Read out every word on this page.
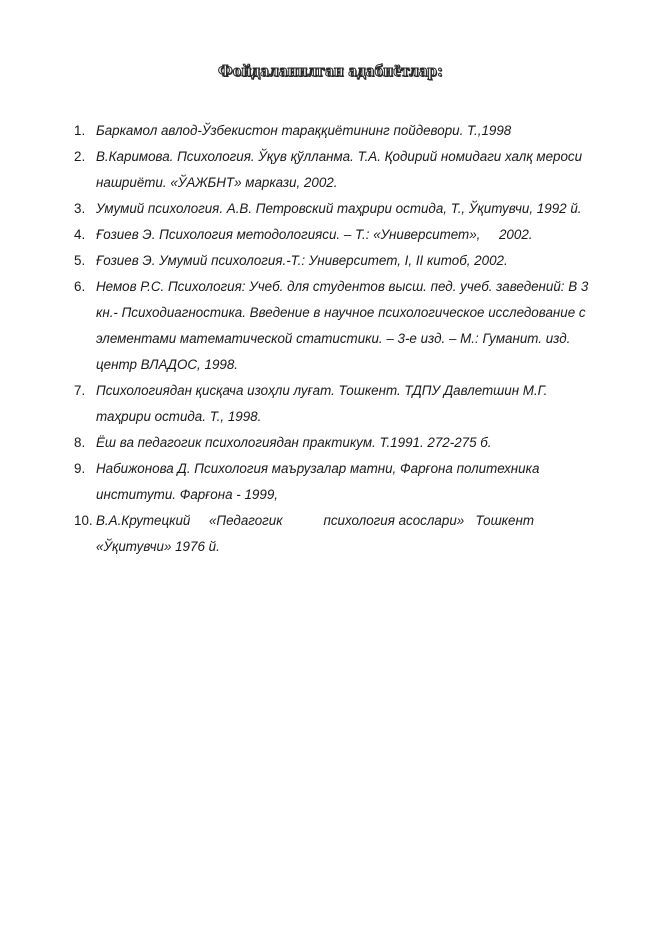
Фойдаланилган адабиётлар:
1. Баркамол авлод-Ўзбекистон тараққиётининг пойдевори. Т.,1998
2. В.Каримова. Психология. Ўқув қўлланма. Т.А. Қодирий номидаги халқ мероси
нашриёти. «ЎАЖБНТ» маркази, 2002.
3. Умумий психология. А.В. Петровский таҳрири остида, Т., Ўқитувчи, 1992 й.
4. Ғозиев Э. Психология методологияси. – Т.: «Университет»,     2002.
5. Ғозиев Э. Умумий психология.-Т.: Университет, I, II китоб, 2002.
6. Немов Р.С. Психология: Учеб. для студентов высш. пед. учеб. заведений: В 3
кн.- Психодиагностика. Введение в научное психологическое исследование с
элементами математической статистики. – 3-е изд. – М.: Гуманит. изд.
центр ВЛАДОС, 1998.
7. Психологиядан қисқача изоҳли луғат. Тошкент. ТДПУ Давлетшин М.Г.
таҳрири остида. Т., 1998.
8. Ёш ва педагогик психологиядан практикум. Т.1991. 272-275 б.
9. Набижонова Д. Психология маърузалар матни, Фарғона политехника
институти. Фарғона - 1999,
10. В.А.Крутецкий     «Педагогик           психология асослари»   Тошкент
«Ўқитувчи» 1976 й.
